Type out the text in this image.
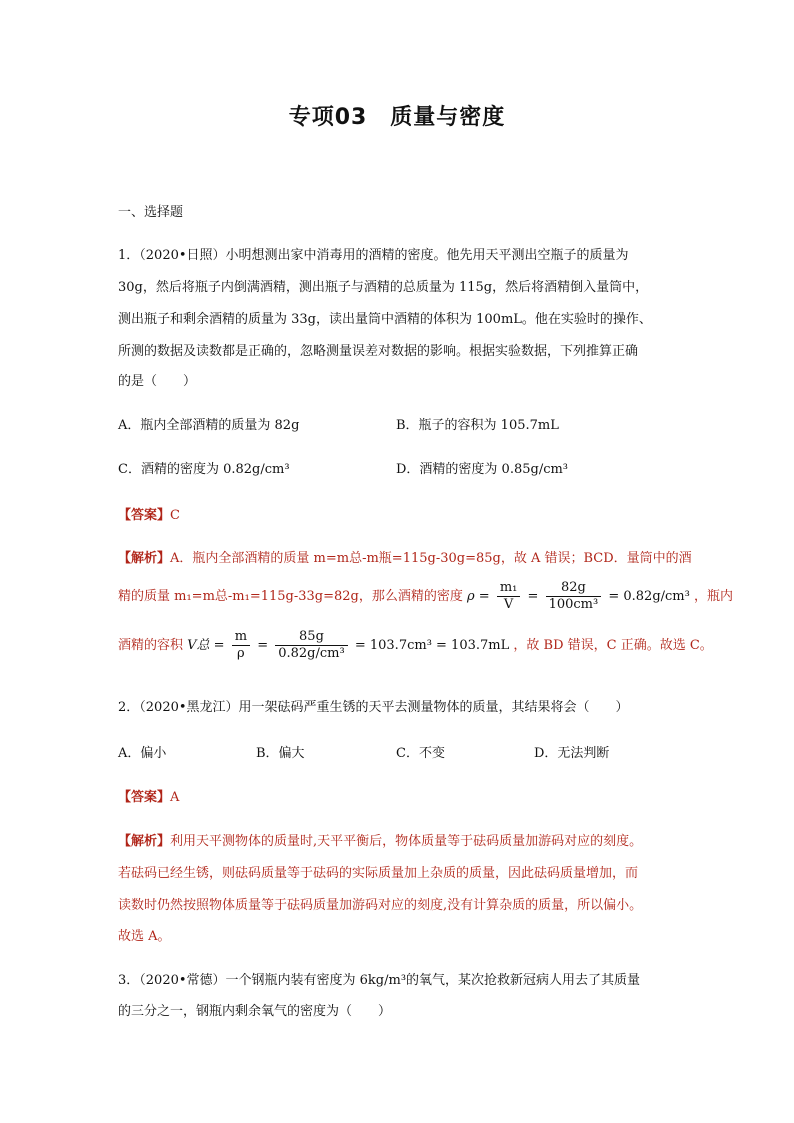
专项03　质量与密度
一、选择题
1．（2020•日照）小明想测出家中消毒用的酒精的密度。他先用天平测出空瓶子的质量为
30g，然后将瓶子内倒满酒精，测出瓶子与酒精的总质量为 115g，然后将酒精倒入量筒中，
测出瓶子和剩余酒精的质量为 33g，读出量筒中酒精的体积为 100mL。他在实验时的操作、
所测的数据及读数都是正确的，忽略测量误差对数据的影响。根据实验数据，下列推算正确
的是（　　）
A．瓶内全部酒精的质量为 82g	B．瓶子的容积为 105.7mL
C．酒精的密度为 0.82g/cm³	D．酒精的密度为 0.85g/cm³
【答案】C
【解析】A．瓶内全部酒精的质量 m=m总-m瓶=115g-30g=85g，故 A 错误；BCD．量筒中的酒
精的质量 m₁=m总-m₁=115g-33g=82g，那么酒精的密度 $\rho = \frac{\text{m₁}}{V} = \frac{82g}{\text{100cm³}} = 0.82g/cm^3$ ，瓶内
酒精的容积 V总 = $\frac{m}{\rho} = \frac{85g}{\text{0.82g/cm³}} = 103.7cm^3 = 103.7mL$ ，故 BD 错误，C 正确。故选 C。
2．（2020•黑龙江）用一架砝码严重生锈的天平去测量物体的质量，其结果将会（　　）
A．偏小	B．偏大	C．不变	D．无法判断
【答案】A
【解析】利用天平测物体的质量时,天平平衡后，物体质量等于砝码质量加游码对应的刻度。
若砝码已经生锈，则砝码质量等于砝码的实际质量加上杂质的质量，因此砝码质量增加，而
读数时仍然按照物体质量等于砝码质量加游码对应的刻度,没有计算杂质的质量，所以偏小。
故选 A。
3．（2020•常德）一个钢瓶内装有密度为 6kg/m³的氧气，某次抢救新冠病人用去了其质量
的三分之一，钢瓶内剩余氧气的密度为（　　）
